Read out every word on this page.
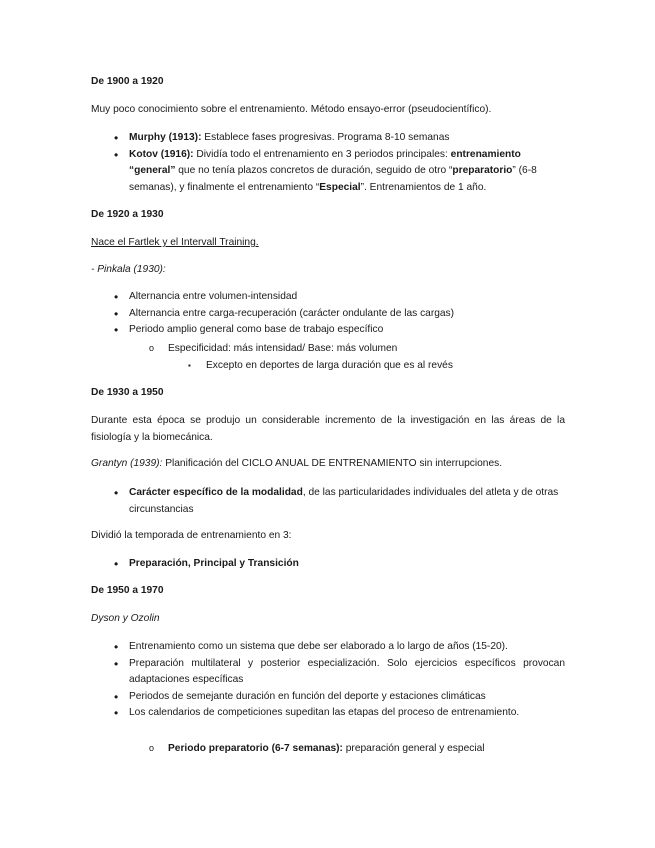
De 1900 a 1920

Muy poco conocimiento sobre el entrenamiento. Método ensayo-error (pseudocientífico).

• Murphy (1913): Establece fases progresivas. Programa 8-10 semanas
• Kotov (1916): Dividía todo el entrenamiento en 3 periodos principales: entrenamiento “general” que no tenía plazos concretos de duración, seguido de otro “preparatorio” (6-8 semanas), y finalmente el entrenamiento “Especial”. Entrenamientos de 1 año.

De 1920 a 1930

Nace el Fartlek y el Intervall Training.

- Pinkala (1930):

• Alternancia entre volumen-intensidad
• Alternancia entre carga-recuperación (carácter ondulante de las cargas)
• Periodo amplio general como base de trabajo específico
o Especificidad: más intensidad/ Base: más volumen
▪ Excepto en deportes de larga duración que es al revés

De 1930 a 1950

Durante esta época se produjo un considerable incremento de la investigación en las áreas de la fisiología y la biomecánica.

Grantyn (1939): Planificación del CICLO ANUAL DE ENTRENAMIENTO sin interrupciones.

• Carácter específico de la modalidad, de las particularidades individuales del atleta y de otras circunstancias

Dividió la temporada de entrenamiento en 3:

• Preparación, Principal y Transición

De 1950 a 1970

Dyson y Ozolin

• Entrenamiento como un sistema que debe ser elaborado a lo largo de años (15-20).
• Preparación multilateral y posterior especialización. Solo ejercicios específicos provocan adaptaciones específicas
• Periodos de semejante duración en función del deporte y estaciones climáticas
• Los calendarios de competiciones supeditan las etapas del proceso de entrenamiento.
o Periodo preparatorio (6-7 semanas): preparación general y especial
